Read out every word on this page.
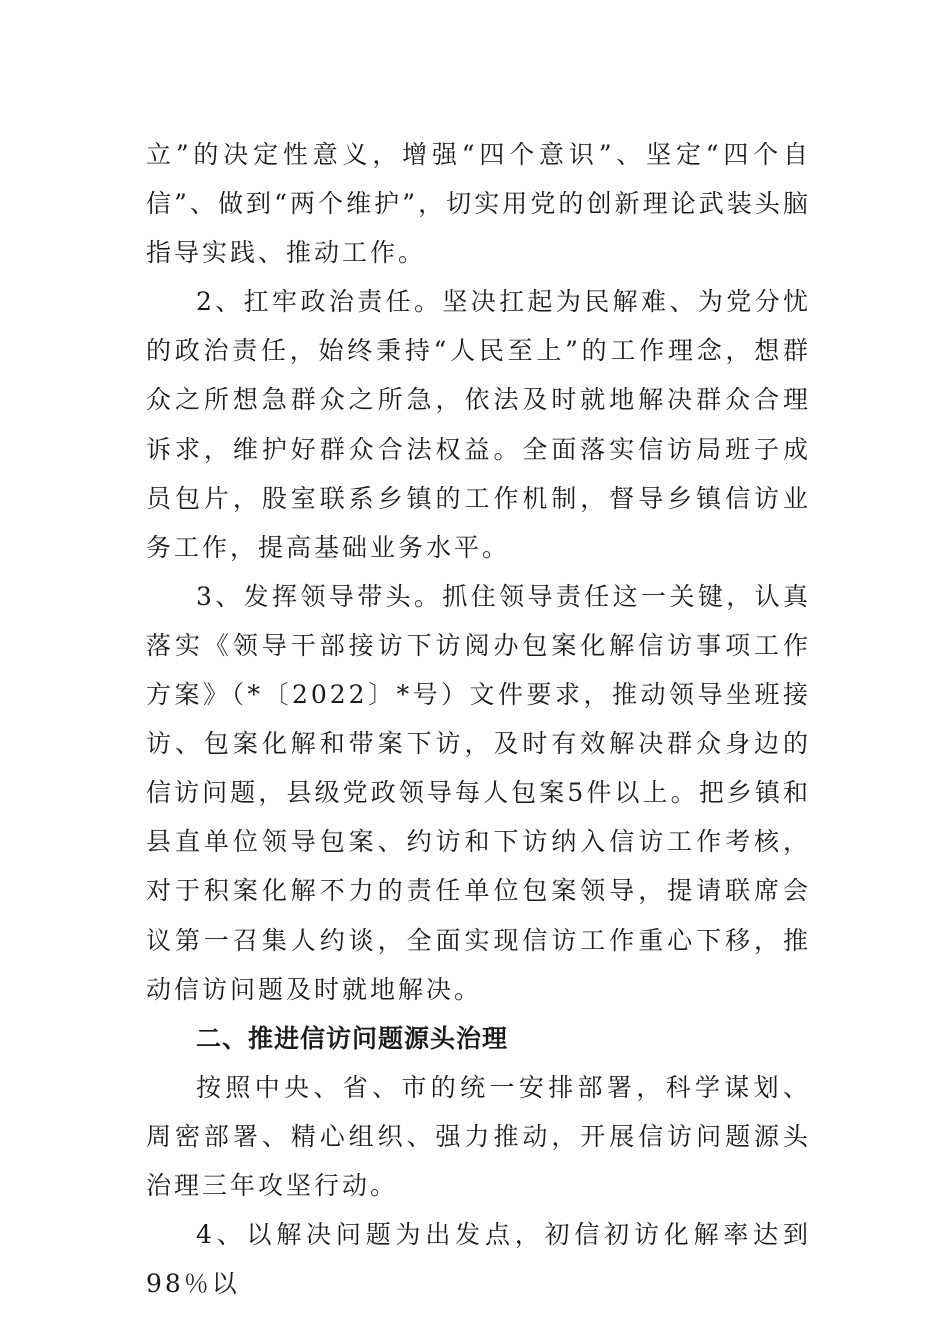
立”的决定性意义，增强“四个意识”、坚定“四个自信”、做到“两个维护”，切实用党的创新理论武装头脑指导实践、推动工作。

2、扛牢政治责任。坚决扛起为民解难、为党分忧的政治责任，始终秉持“人民至上”的工作理念，想群众之所想急群众之所急，依法及时就地解决群众合理诉求，维护好群众合法权益。全面落实信访局班子成员包片，股室联系乡镇的工作机制，督导乡镇信访业务工作，提高基础业务水平。

3、发挥领导带头。抓住领导责任这一关键，认真落实《领导干部接访下访阅办包案化解信访事项工作方案》（*〔2022〕*号）文件要求，推动领导坐班接访、包案化解和带案下访，及时有效解决群众身边的信访问题，县级党政领导每人包案5件以上。把乡镇和县直单位领导包案、约访和下访纳入信访工作考核，对于积案化解不力的责任单位包案领导，提请联席会议第一召集人约谈，全面实现信访工作重心下移，推动信访问题及时就地解决。

二、推进信访问题源头治理

按照中央、省、市的统一安排部署，科学谋划、周密部署、精心组织、强力推动，开展信访问题源头治理三年攻坚行动。

4、以解决问题为出发点，初信初访化解率达到98％以
